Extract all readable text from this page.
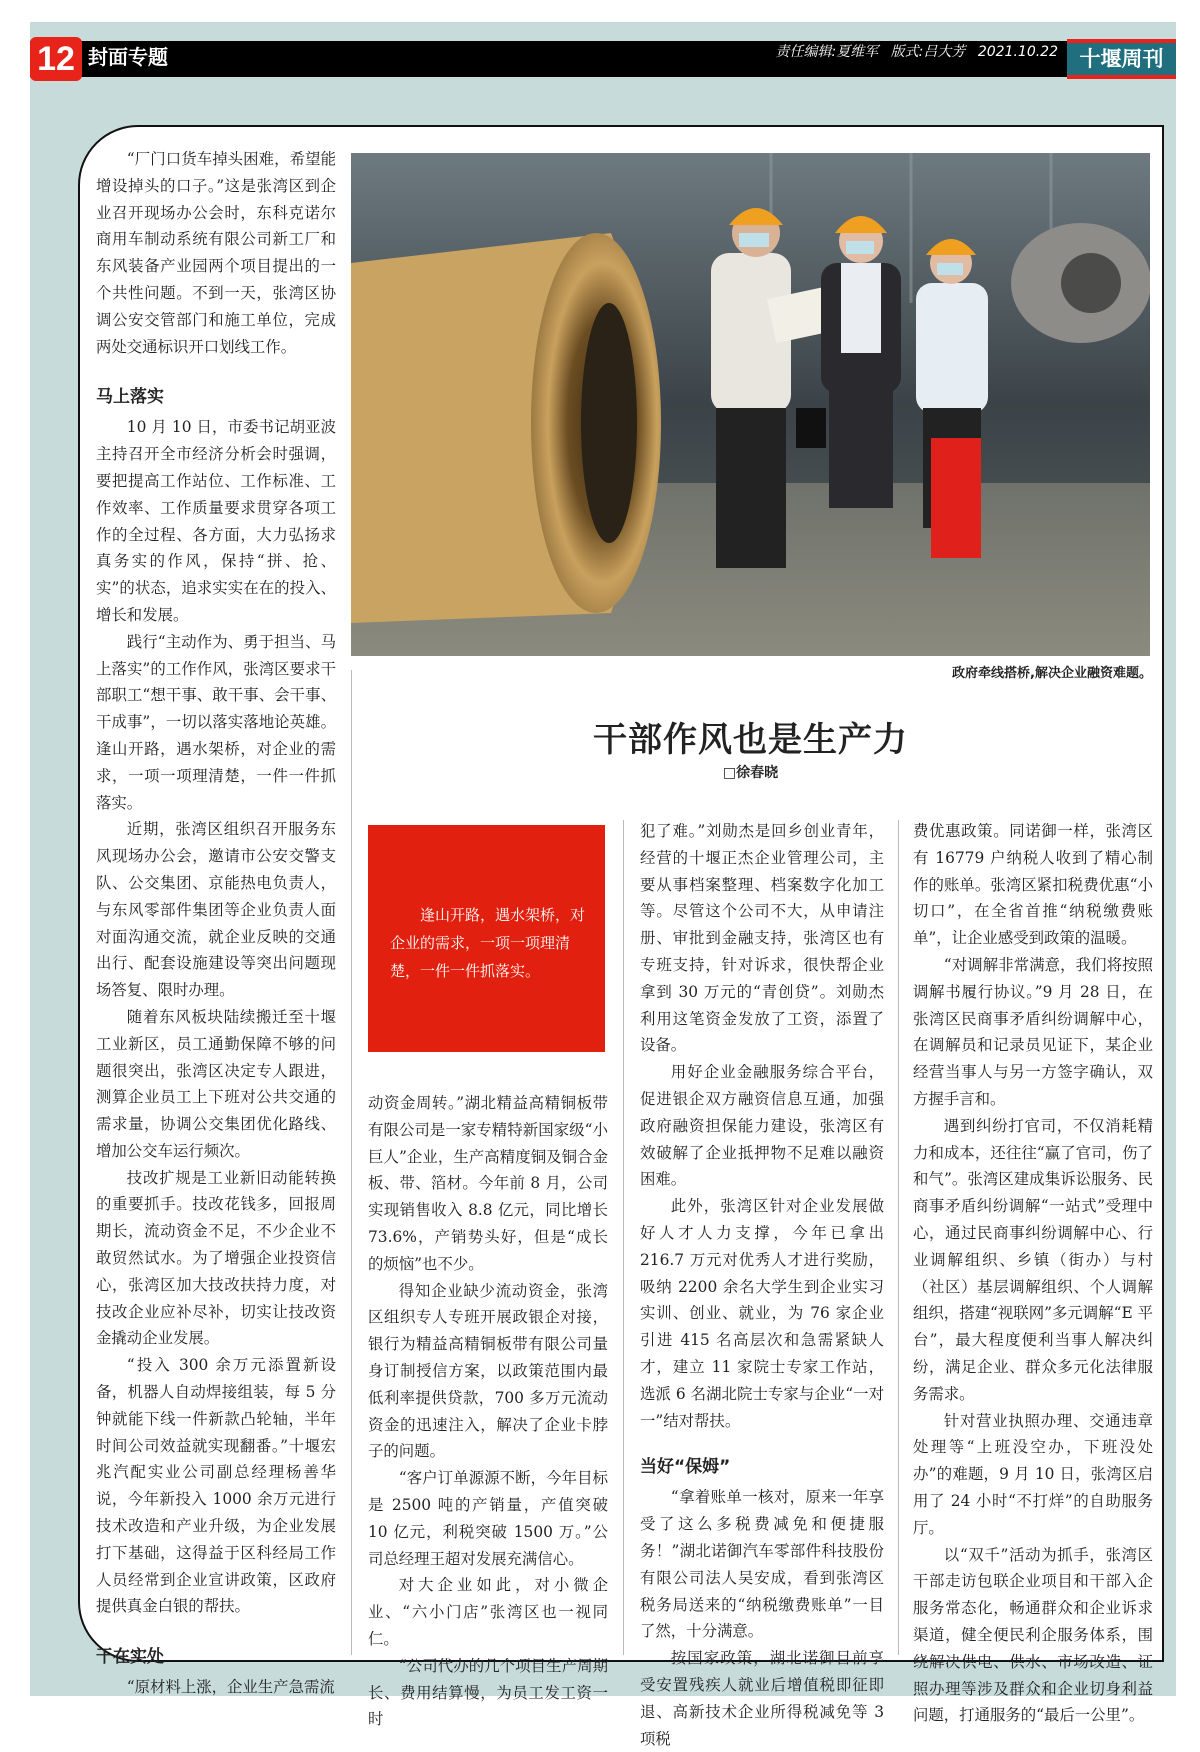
12 封面专题	责任编辑:夏维军 版式:吕大芳 2021.10.22	十堰周刊

“厂门口货车掉头困难，希望能增设掉头的口子。”这是张湾区到企业召开现场办公会时，东科克诺尔商用车制动系统有限公司新工厂和东风装备产业园两个项目提出的一个共性问题。不到一天，张湾区协调公安交管部门和施工单位，完成两处交通标识开口划线工作。

马上落实

10 月 10 日，市委书记胡亚波主持召开全市经济分析会时强调，要把提高工作站位、工作标准、工作效率、工作质量要求贯穿各项工作的全过程、各方面，大力弘扬求真务实的作风，保持“拼、抢、实”的状态，追求实实在在的投入、增长和发展。

践行“主动作为、勇于担当、马上落实”的工作作风，张湾区要求干部职工“想干事、敢干事、会干事、干成事”，一切以落实落地论英雄。逢山开路，遇水架桥，对企业的需求，一项一项理清楚，一件一件抓落实。

近期，张湾区组织召开服务东风现场办公会，邀请市公安交警支队、公交集团、京能热电负责人，与东风零部件集团等企业负责人面对面沟通交流，就企业反映的交通出行、配套设施建设等突出问题现场答复、限时办理。

随着东风板块陆续搬迁至十堰工业新区，员工通勤保障不够的问题很突出，张湾区决定专人跟进，测算企业员工上下班对公共交通的需求量，协调公交集团优化路线、增加公交车运行频次。

技改扩规是工业新旧动能转换的重要抓手。技改花钱多，回报周期长，流动资金不足，不少企业不敢贸然试水。为了增强企业投资信心，张湾区加大技改扶持力度，对技改企业应补尽补，切实让技改资金撬动企业发展。

“投入 300 余万元添置新设备，机器人自动焊接组装，每 5 分钟就能下线一件新款凸轮轴，半年时间公司效益就实现翻番。”十堰宏兆汽配实业公司副总经理杨善华说，今年新投入 1000 余万元进行技术改造和产业升级，为企业发展打下基础，这得益于区科经局工作人员经常到企业宣讲政策，区政府提供真金白银的帮扶。

干在实处

“原材料上涨，企业生产急需流

政府牵线搭桥,解决企业融资难题。
干部作风也是生产力
□徐春晓
逢山开路，遇水架桥，对企业的需求，一项一项理清楚，一件一件抓落实。

动资金周转。”湖北精益高精铜板带有限公司是一家专精特新国家级“小巨人”企业，生产高精度铜及铜合金板、带、箔材。今年前 8 月，公司实现销售收入 8.8 亿元，同比增长 73.6%，产销势头好，但是“成长的烦恼”也不少。

得知企业缺少流动资金，张湾区组织专人专班开展政银企对接，银行为精益高精铜板带有限公司量身订制授信方案，以政策范围内最低利率提供贷款，700 多万元流动资金的迅速注入，解决了企业卡脖子的问题。

“客户订单源源不断，今年目标是 2500 吨的产销量，产值突破 10 亿元，利税突破 1500 万。”公司总经理王超对发展充满信心。

对大企业如此，对小微企业、“六小门店”张湾区也一视同仁。

“公司代办的几个项目生产周期长、费用结算慢，为员工发工资一时

犯了难。”刘勋杰是回乡创业青年，经营的十堰正杰企业管理公司，主要从事档案整理、档案数字化加工等。尽管这个公司不大，从申请注册、审批到金融支持，张湾区也有专班支持，针对诉求，很快帮企业拿到 30 万元的“青创贷”。刘勋杰利用这笔资金发放了工资，添置了设备。

用好企业金融服务综合平台，促进银企双方融资信息互通，加强政府融资担保能力建设，张湾区有效破解了企业抵押物不足难以融资困难。

此外，张湾区针对企业发展做好人才人力支撑，今年已拿出 216.7 万元对优秀人才进行奖励，吸纳 2200 余名大学生到企业实习实训、创业、就业，为 76 家企业引进 415 名高层次和急需紧缺人才，建立 11 家院士专家工作站，选派 6 名湖北院士专家与企业“一对一”结对帮扶。

当好“保姆”

“拿着账单一核对，原来一年享受了这么多税费减免和便捷服务！”湖北诺御汽车零部件科技股份有限公司法人吴安成，看到张湾区税务局送来的“纳税缴费账单”一目了然，十分满意。

按国家政策，湖北诺御目前享受安置残疾人就业后增值税即征即退、高新技术企业所得税减免等 3 项税

费优惠政策。同诺御一样，张湾区有 16779 户纳税人收到了精心制作的账单。张湾区紧扣税费优惠“小切口”，在全省首推“纳税缴费账单”，让企业感受到政策的温暖。

“对调解非常满意，我们将按照调解书履行协议。”9 月 28 日，在张湾区民商事矛盾纠纷调解中心，在调解员和记录员见证下，某企业经营当事人与另一方签字确认，双方握手言和。

遇到纠纷打官司，不仅消耗精力和成本，还往往“赢了官司，伤了和气”。张湾区建成集诉讼服务、民商事矛盾纠纷调解“一站式”受理中心，通过民商事纠纷调解中心、行业调解组织、乡镇（街办）与村（社区）基层调解组织、个人调解组织，搭建“视联网”多元调解“E 平台”，最大程度便利当事人解决纠纷，满足企业、群众多元化法律服务需求。

针对营业执照办理、交通违章处理等“上班没空办，下班没处办”的难题，9 月 10 日，张湾区启用了 24 小时“不打烊”的自助服务厅。

以“双千”活动为抓手，张湾区干部走访包联企业项目和干部入企服务常态化，畅通群众和企业诉求渠道，健全便民利企服务体系，围绕解决供电、供水、市场改造、证照办理等涉及群众和企业切身利益问题，打通服务的“最后一公里”。
